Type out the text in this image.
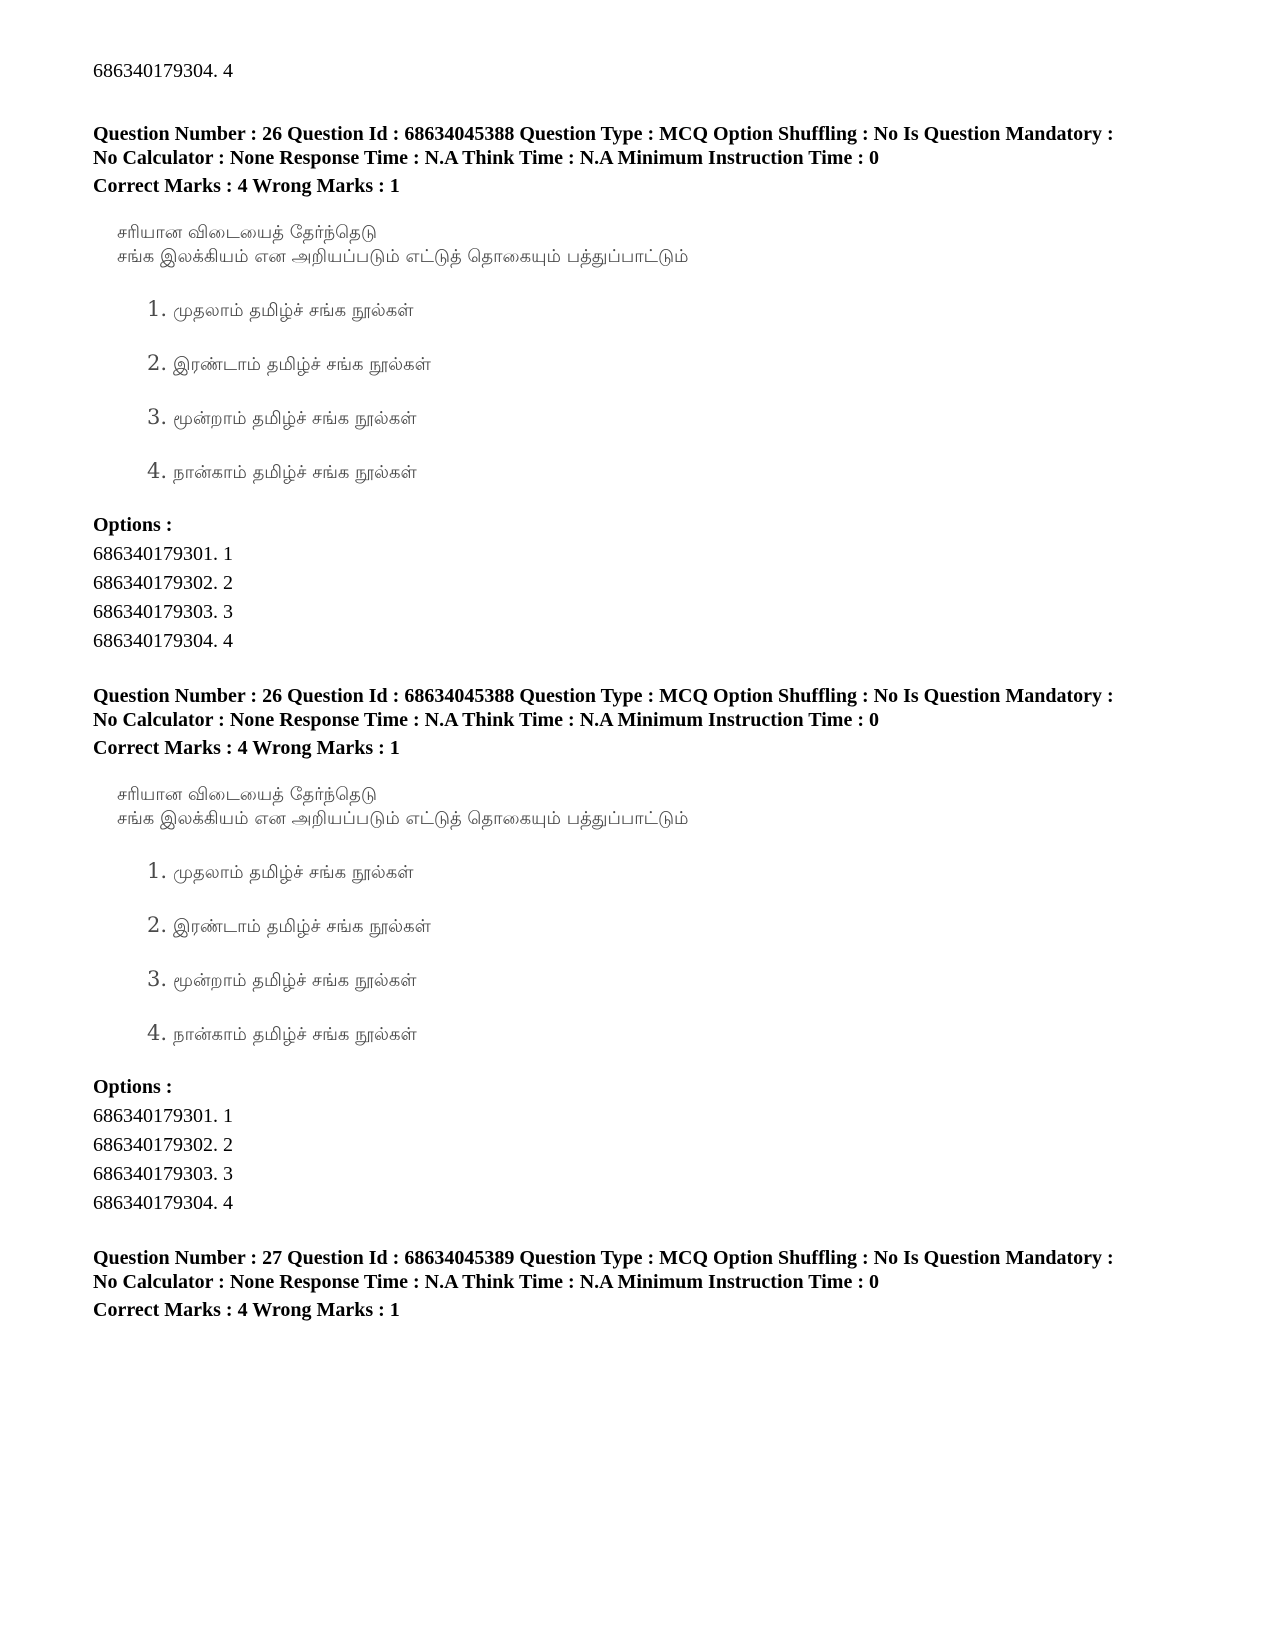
686340179304. 4
Question Number : 26 Question Id : 68634045388 Question Type : MCQ Option Shuffling : No Is Question Mandatory :
No Calculator : None Response Time : N.A Think Time : N.A Minimum Instruction Time : 0
Correct Marks : 4 Wrong Marks : 1
சரியான விடையைத் தேர்ந்தெடு
சங்க இலக்கியம் என அறியப்படும் எட்டுத் தொகையும் பத்துப்பாட்டும்
1. முதலாம் தமிழ்ச் சங்க நூல்கள்
2. இரண்டாம் தமிழ்ச் சங்க நூல்கள்
3. மூன்றாம் தமிழ்ச் சங்க நூல்கள்
4. நான்காம் தமிழ்ச் சங்க நூல்கள்
Options :
686340179301. 1
686340179302. 2
686340179303. 3
686340179304. 4
Question Number : 26 Question Id : 68634045388 Question Type : MCQ Option Shuffling : No Is Question Mandatory :
No Calculator : None Response Time : N.A Think Time : N.A Minimum Instruction Time : 0
Correct Marks : 4 Wrong Marks : 1
சரியான விடையைத் தேர்ந்தெடு
சங்க இலக்கியம் என அறியப்படும் எட்டுத் தொகையும் பத்துப்பாட்டும்
1. முதலாம் தமிழ்ச் சங்க நூல்கள்
2. இரண்டாம் தமிழ்ச் சங்க நூல்கள்
3. மூன்றாம் தமிழ்ச் சங்க நூல்கள்
4. நான்காம் தமிழ்ச் சங்க நூல்கள்
Options :
686340179301. 1
686340179302. 2
686340179303. 3
686340179304. 4
Question Number : 27 Question Id : 68634045389 Question Type : MCQ Option Shuffling : No Is Question Mandatory :
No Calculator : None Response Time : N.A Think Time : N.A Minimum Instruction Time : 0
Correct Marks : 4 Wrong Marks : 1
